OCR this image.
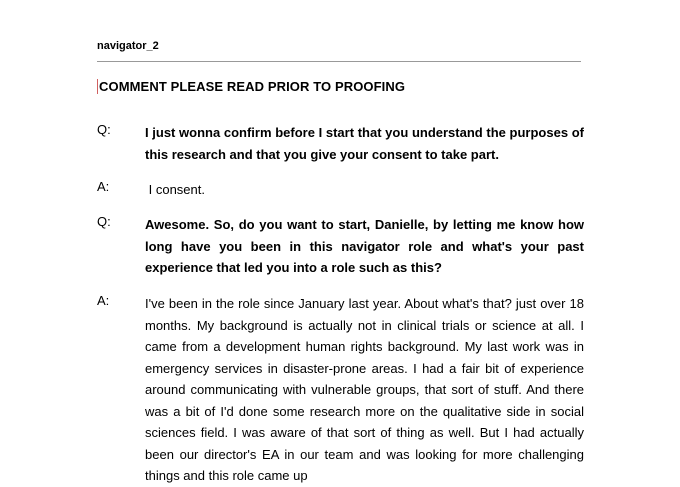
navigator_2
COMMENT PLEASE READ PRIOR TO PROOFING
Q:	I just wonna confirm before I start that you understand the purposes of this research and that you give your consent to take part.
A:	I consent.
Q:	Awesome. So, do you want to start, Danielle, by letting me know how long have you been in this navigator role and what's your past experience that led you into a role such as this?
A:	I've been in the role since January last year. About what's that? just over 18 months. My background is actually not in clinical trials or science at all. I came from a development human rights background. My last work was in emergency services in disaster-prone areas. I had a fair bit of experience around communicating with vulnerable groups, that sort of stuff. And there was a bit of I'd done some research more on the qualitative side in social sciences field. I was aware of that sort of thing as well. But I had actually been our director's EA in our team and was looking for more challenging things and this role came up
